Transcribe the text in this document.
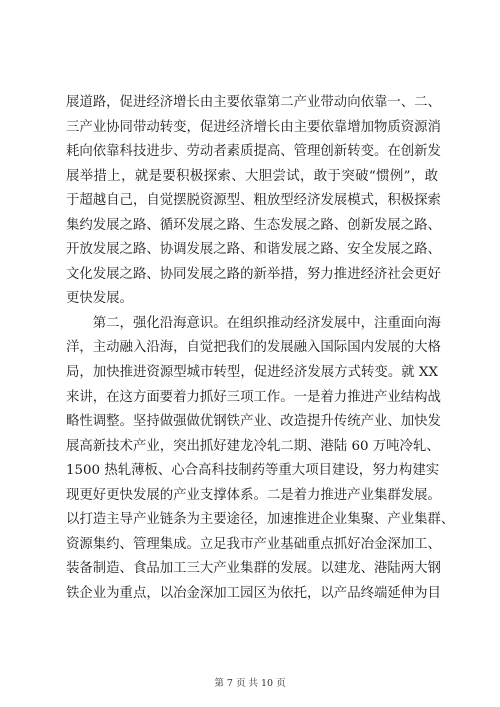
展道路，促进经济增长由主要依靠第二产业带动向依靠一、二、
三产业协同带动转变，促进经济增长由主要依靠增加物质资源消
耗向依靠科技进步、劳动者素质提高、管理创新转变。在创新发
展举措上，就是要积极探索、大胆尝试，敢于突破“惯例”，敢
于超越自己，自觉摆脱资源型、粗放型经济发展模式，积极探索
集约发展之路、循环发展之路、生态发展之路、创新发展之路、
开放发展之路、协调发展之路、和谐发展之路、安全发展之路、
文化发展之路、协同发展之路的新举措，努力推进经济社会更好
更快发展。
　　第二，强化沿海意识。在组织推动经济发展中，注重面向海
洋，主动融入沿海，自觉把我们的发展融入国际国内发展的大格
局，加快推进资源型城市转型，促进经济发展方式转变。就 XX
来讲，在这方面要着力抓好三项工作。一是着力推进产业结构战
略性调整。坚持做强做优钢铁产业、改造提升传统产业、加快发
展高新技术产业，突出抓好建龙冷轧二期、港陆 60 万吨冷轧、
1500 热轧薄板、心合高科技制药等重大项目建设，努力构建实
现更好更快发展的产业支撑体系。二是着力推进产业集群发展。
以打造主导产业链条为主要途径，加速推进企业集聚、产业集群、
资源集约、管理集成。立足我市产业基础重点抓好冶金深加工、
装备制造、食品加工三大产业集群的发展。以建龙、港陆两大钢
铁企业为重点，以冶金深加工园区为依托，以产品终端延伸为目
第 7 页 共 10 页
